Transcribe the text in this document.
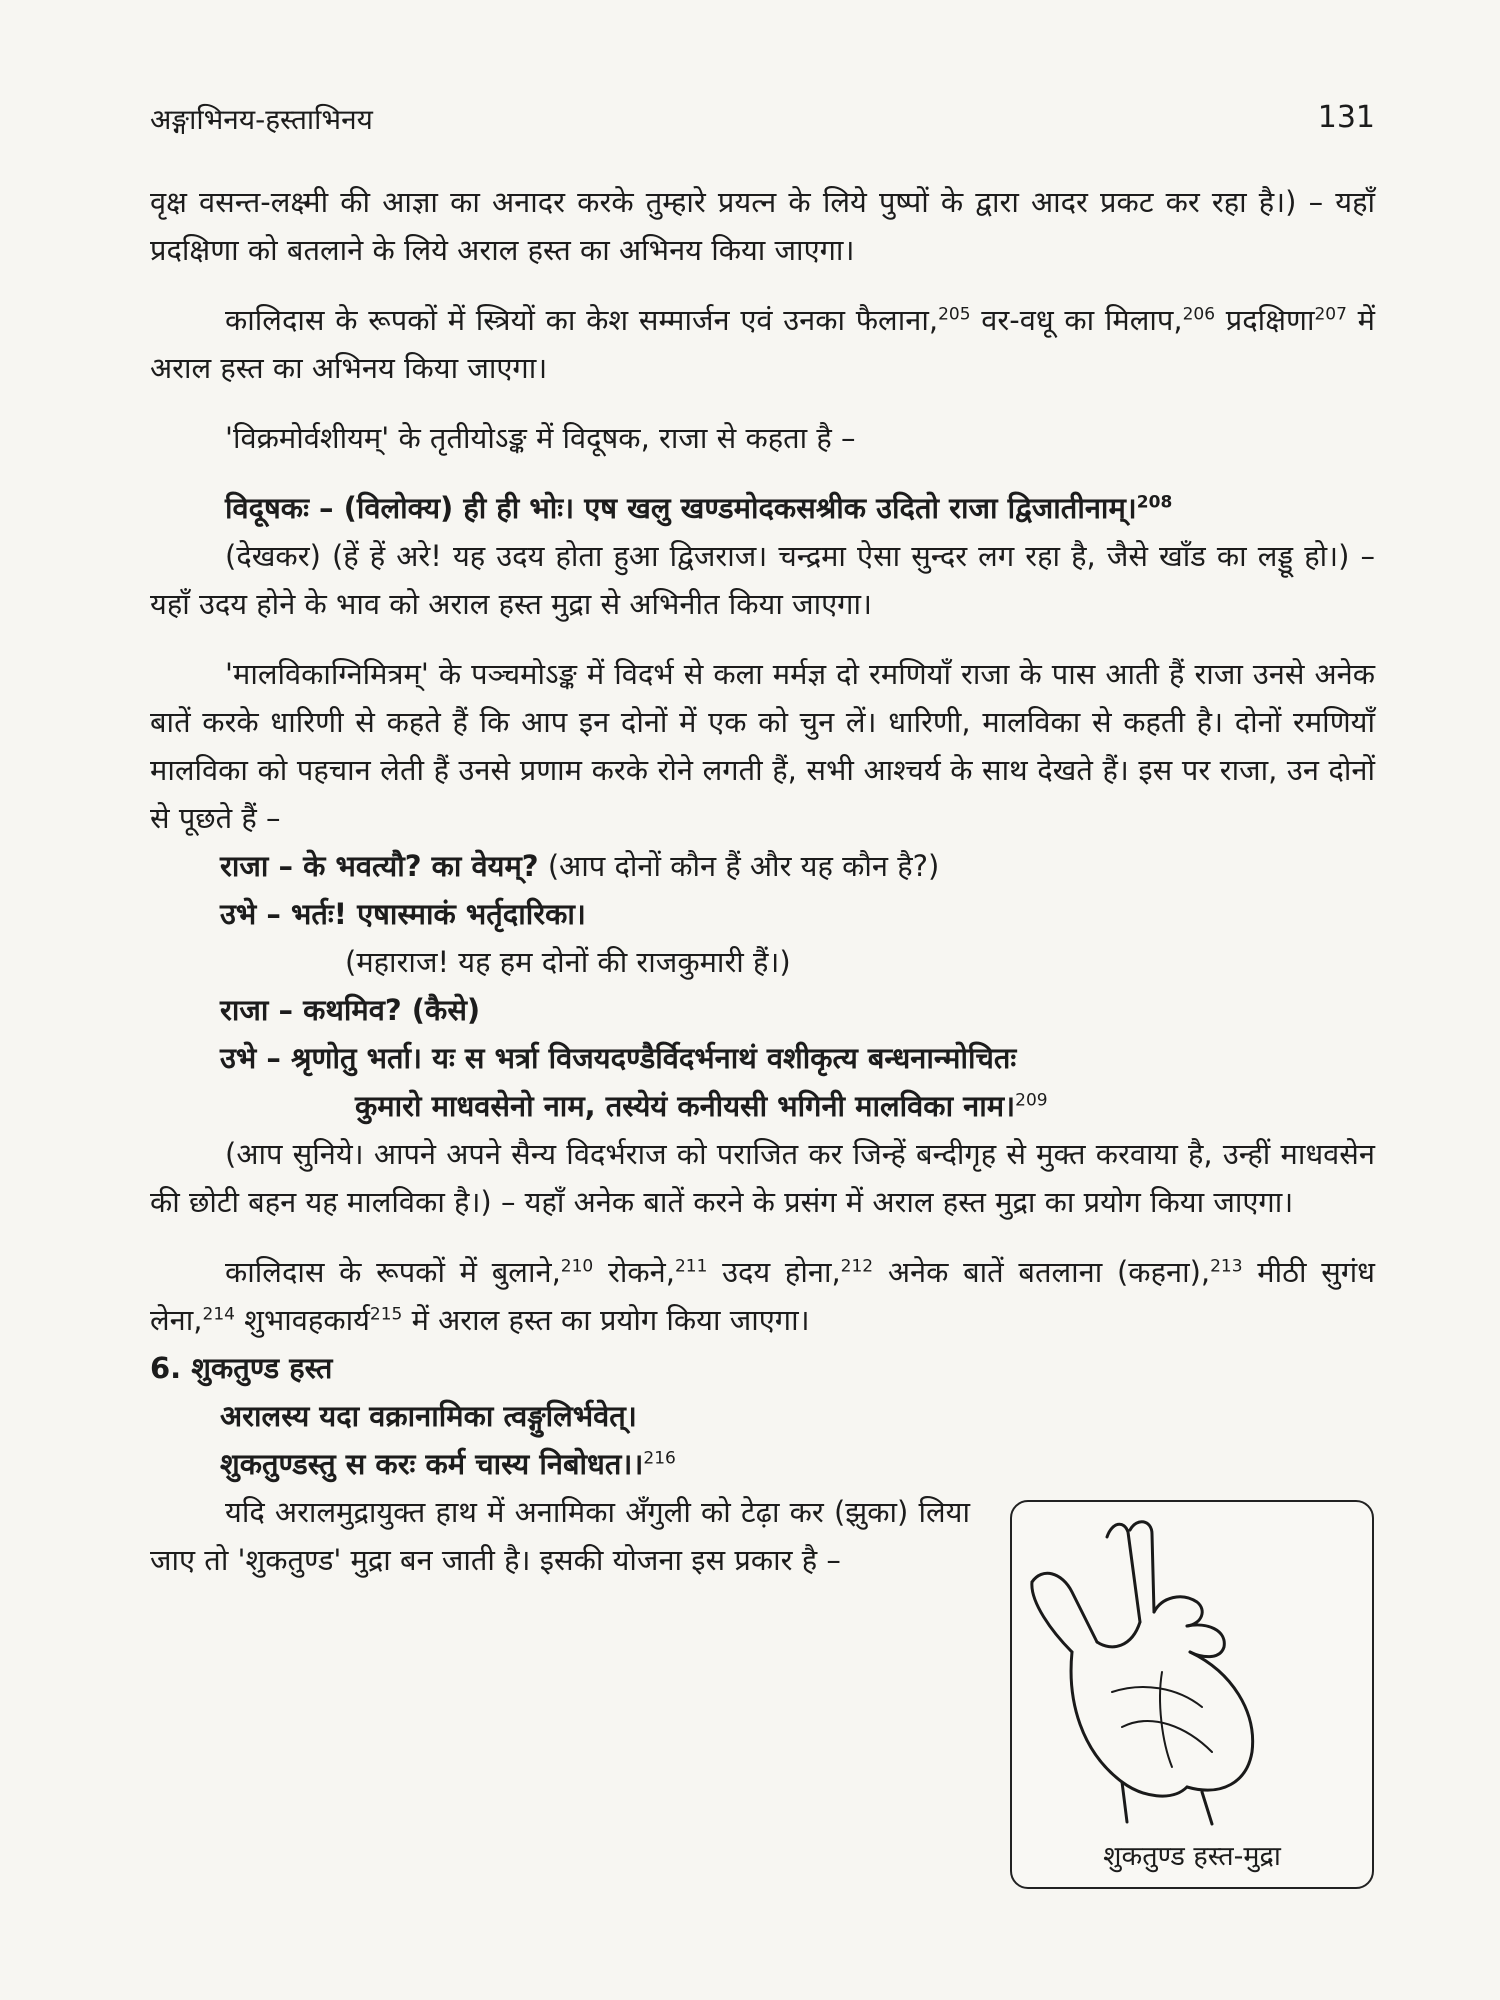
अङ्गाभिनय-हस्ताभिनय	131

वृक्ष वसन्त-लक्ष्मी की आज्ञा का अनादर करके तुम्हारे प्रयत्न के लिये पुष्पों के द्वारा आदर प्रकट कर रहा है।) – यहाँ प्रदक्षिणा को बतलाने के लिये अराल हस्त का अभिनय किया जाएगा।

कालिदास के रूपकों में स्त्रियों का केश सम्मार्जन एवं उनका फैलाना,$^{205}$ वर-वधू का मिलाप,$^{206}$ प्रदक्षिणा$^{207}$ में अराल हस्त का अभिनय किया जाएगा।

'विक्रमोर्वशीयम्' के तृतीयोऽङ्क में विदूषक, राजा से कहता है –

विदूषकः – (विलोक्य) ही ही भोः। एष खलु खण्डमोदकसश्रीक उदितो राजा द्विजातीनाम्।$^{208}$

(देखकर) (हें हें अरे! यह उदय होता हुआ द्विजराज। चन्द्रमा ऐसा सुन्दर लग रहा है, जैसे खाँड का लड्डू हो।) – यहाँ उदय होने के भाव को अराल हस्त मुद्रा से अभिनीत किया जाएगा।

'मालविकाग्निमित्रम्' के पञ्चमोऽङ्क में विदर्भ से कला मर्मज्ञ दो रमणियाँ राजा के पास आती हैं राजा उनसे अनेक बातें करके धारिणी से कहते हैं कि आप इन दोनों में एक को चुन लें। धारिणी, मालविका से कहती है। दोनों रमणियाँ मालविका को पहचान लेती हैं उनसे प्रणाम करके रोने लगती हैं, सभी आश्चर्य के साथ देखते हैं। इस पर राजा, उन दोनों से पूछते हैं –

राजा – के भवत्यौ? का वेयम्? (आप दोनों कौन हैं और यह कौन है?)

उभे – भर्तः! एषास्माकं भर्तृदारिका।

(महाराज! यह हम दोनों की राजकुमारी हैं।)

राजा – कथमिव? (कैसे)

उभे – श्रृणोतु भर्ता। यः स भर्त्रा विजयदण्डैर्विदर्भनाथं वशीकृत्य बन्धनान्मोचितः
कुमारो माधवसेनो नाम, तस्येयं कनीयसी भगिनी मालविका नाम।$^{209}$

(आप सुनिये। आपने अपने सैन्य विदर्भराज को पराजित कर जिन्हें बन्दीगृह से मुक्त करवाया है, उन्हीं माधवसेन की छोटी बहन यह मालविका है।) – यहाँ अनेक बातें करने के प्रसंग में अराल हस्त मुद्रा का प्रयोग किया जाएगा।

कालिदास के रूपकों में बुलाने,$^{210}$ रोकने,$^{211}$ उदय होना,$^{212}$ अनेक बातें बतलाना (कहना),$^{213}$ मीठी सुगंध लेना,$^{214}$ शुभावहकार्य$^{215}$ में अराल हस्त का प्रयोग किया जाएगा।

6. शुकतुण्ड हस्त

अरालस्य यदा वक्रानामिका त्वङ्गुलिर्भवेत्।

शुकतुण्डस्तु स करः कर्म चास्य निबोधत।।$^{216}$

यदि अरालमुद्रायुक्त हाथ में अनामिका अँगुली को टेढ़ा कर (झुका) लिया जाए तो 'शुकतुण्ड' मुद्रा बन जाती है। इसकी योजना इस प्रकार है –

शुकतुण्ड हस्त-मुद्रा
